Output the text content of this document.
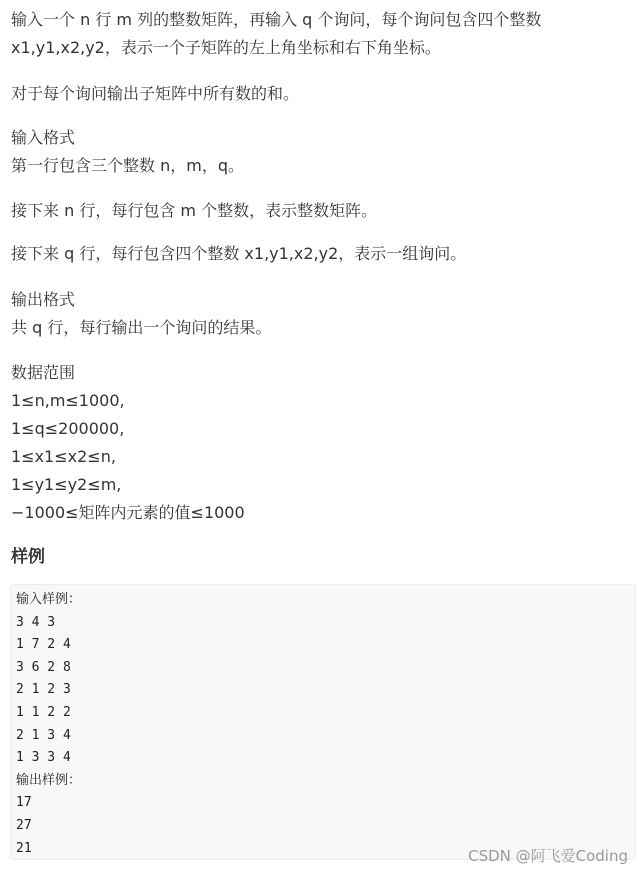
输入一个 n 行 m 列的整数矩阵，再输入 q 个询问，每个询问包含四个整数
x1,y1,x2,y2，表示一个子矩阵的左上角坐标和右下角坐标。

对于每个询问输出子矩阵中所有数的和。

输入格式
第一行包含三个整数 n，m，q。

接下来 n 行，每行包含 m 个整数，表示整数矩阵。

接下来 q 行，每行包含四个整数 x1,y1,x2,y2，表示一组询问。

输出格式
共 q 行，每行输出一个询问的结果。

数据范围
1≤n,m≤1000,
1≤q≤200000,
1≤x1≤x2≤n,
1≤y1≤y2≤m,
−1000≤矩阵内元素的值≤1000

样例
输入样例：
3 4 3
1 7 2 4
3 6 2 8
2 1 2 3
1 1 2 2
2 1 3 4
1 3 3 4
输出样例：
17
27
21	CSDN @阿飞爱Coding
